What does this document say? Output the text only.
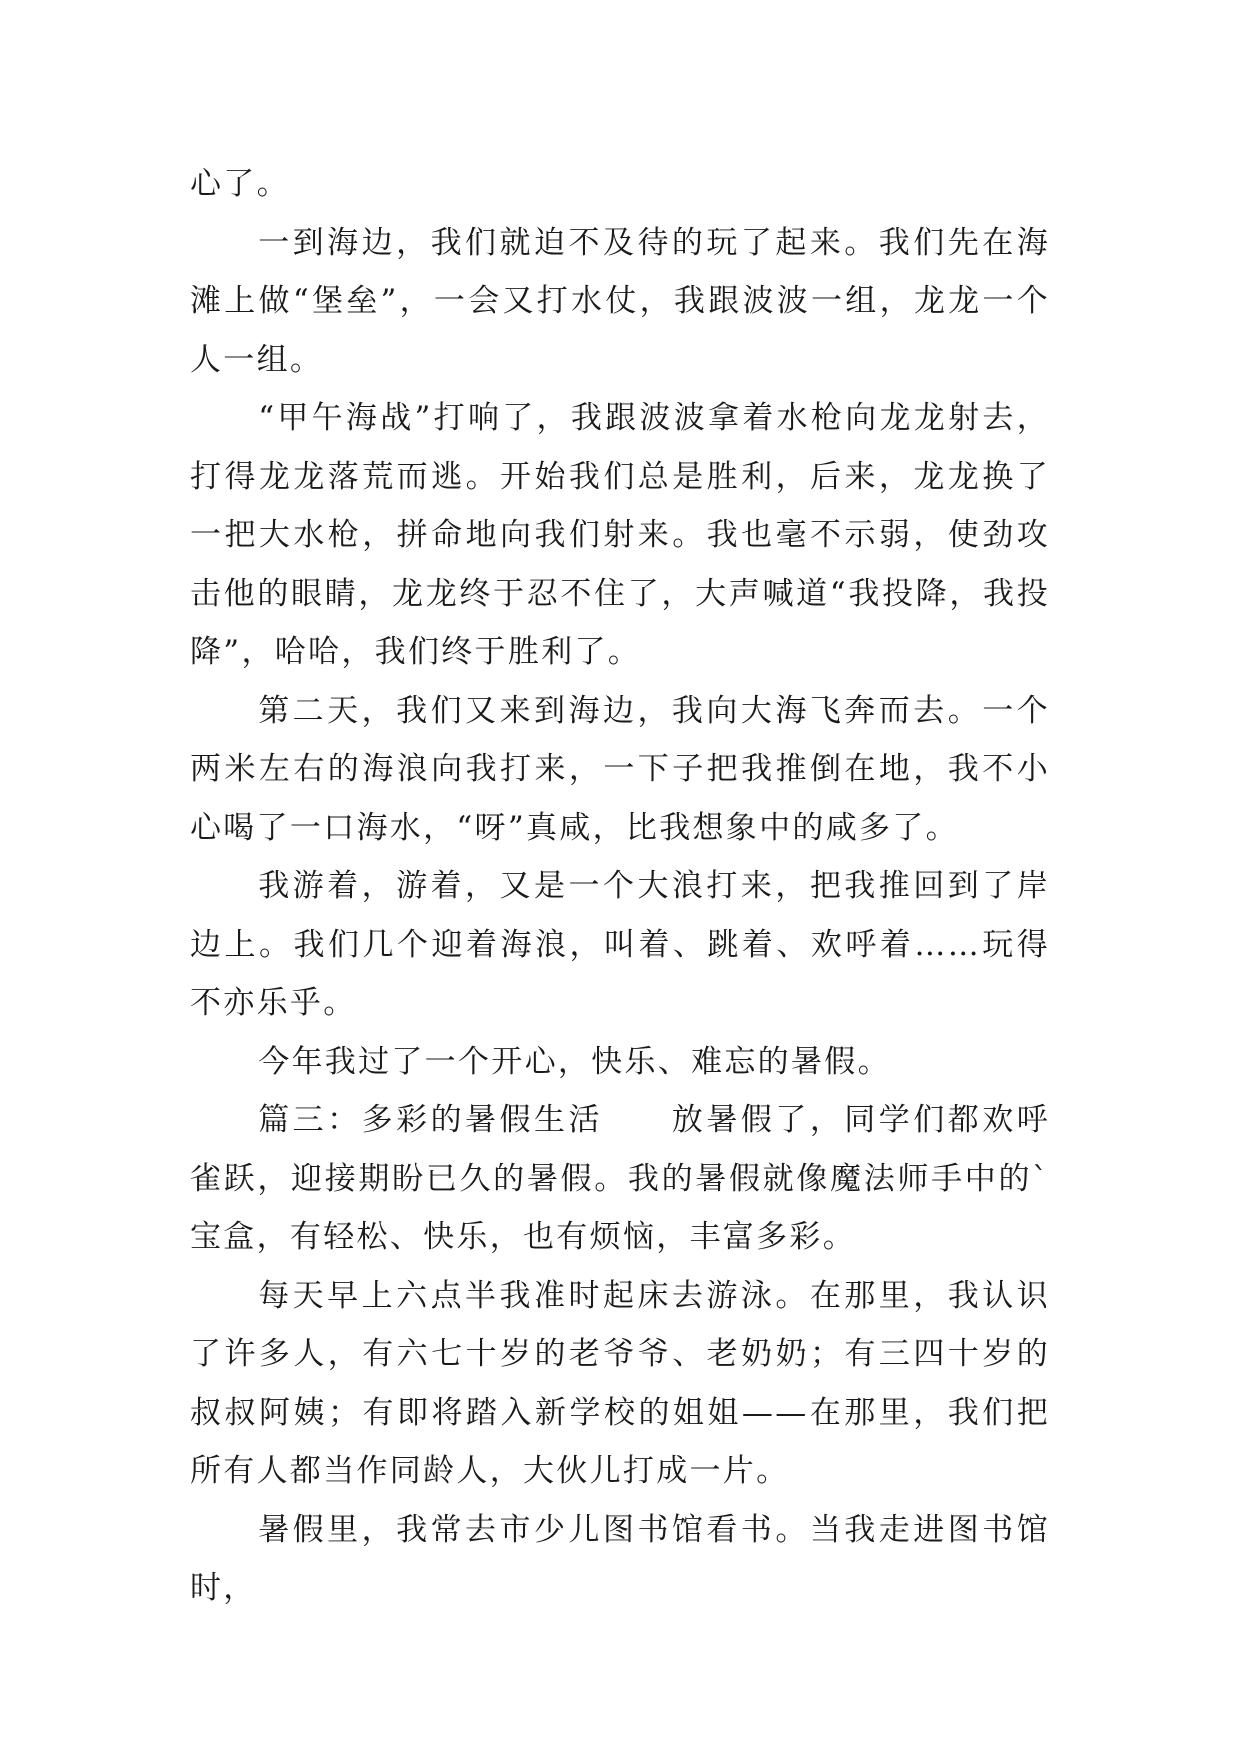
心了。

一到海边，我们就迫不及待的玩了起来。我们先在海滩上做“堡垒”，一会又打水仗，我跟波波一组，龙龙一个人一组。

“甲午海战”打响了，我跟波波拿着水枪向龙龙射去，打得龙龙落荒而逃。开始我们总是胜利，后来，龙龙换了一把大水枪，拼命地向我们射来。我也毫不示弱，使劲攻击他的眼睛，龙龙终于忍不住了，大声喊道“我投降，我投降”，哈哈，我们终于胜利了。

第二天，我们又来到海边，我向大海飞奔而去。一个两米左右的海浪向我打来，一下子把我推倒在地，我不小心喝了一口海水，“呀”真咸，比我想象中的咸多了。

我游着，游着，又是一个大浪打来，把我推回到了岸边上。我们几个迎着海浪，叫着、跳着、欢呼着……玩得不亦乐乎。

今年我过了一个开心，快乐、难忘的暑假。

篇三：多彩的暑假生活　　放暑假了，同学们都欢呼雀跃，迎接期盼已久的暑假。我的暑假就像魔法师手中的`宝盒，有轻松、快乐，也有烦恼，丰富多彩。

每天早上六点半我准时起床去游泳。在那里，我认识了许多人，有六七十岁的老爷爷、老奶奶；有三四十岁的叔叔阿姨；有即将踏入新学校的姐姐——在那里，我们把所有人都当作同龄人，大伙儿打成一片。

暑假里，我常去市少儿图书馆看书。当我走进图书馆时，
